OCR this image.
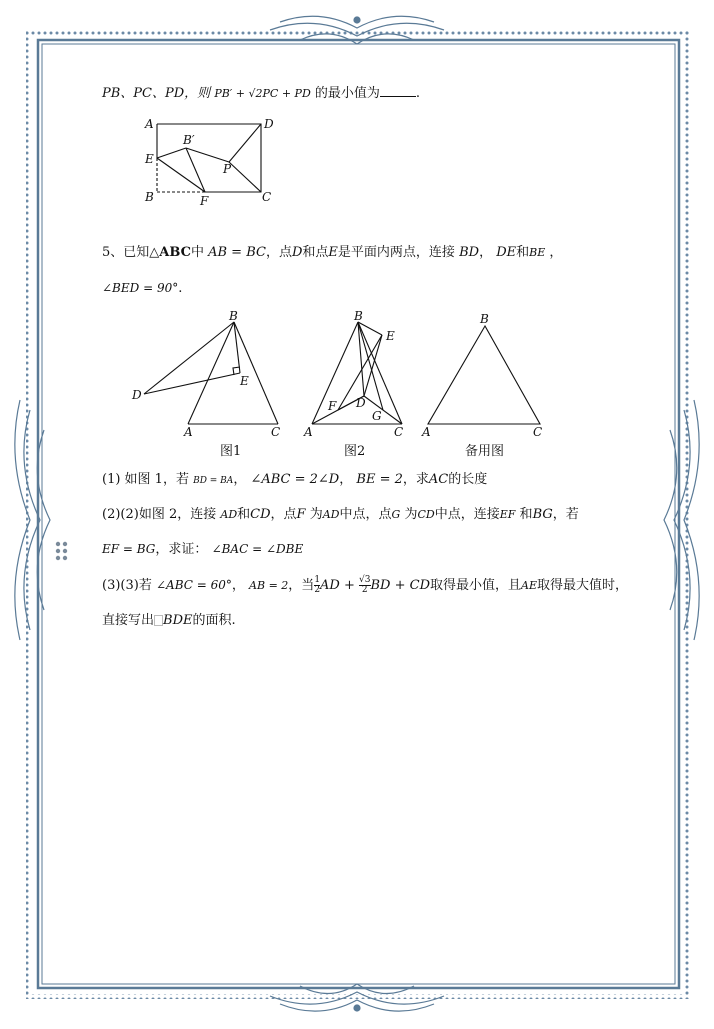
PB、PC、PD，则 PB′ + √2PC + PD 的最小值为	.
A	D
B′
E
P
B	F	C
5、已知△ABC中 AB = BC，点D和点E是平面内两点，连接 BD， DE和BE ，
∠BED = 90°.
B
E
D
A	C
图1
B
E
F D
G
A	C
图2
B
A	C
备用图
(1) 如图 1，若 BD = BA， ∠ABC = 2∠D， BE = 2，求AC的长度
(2)(2)如图 2，连接 AD和CD，点F 为AD中点，点G 为CD中点，连接EF 和BG，若
EF = BG，求证： ∠BAC = ∠DBE
(3)(3)若 ∠ABC = 60°， AB = 2，当 $\frac{1}{2}$ AD + $\frac{√3}{2}$ BD + CD取得最小值，且AE取得最大值时，
直接写出 BDE的面积.
